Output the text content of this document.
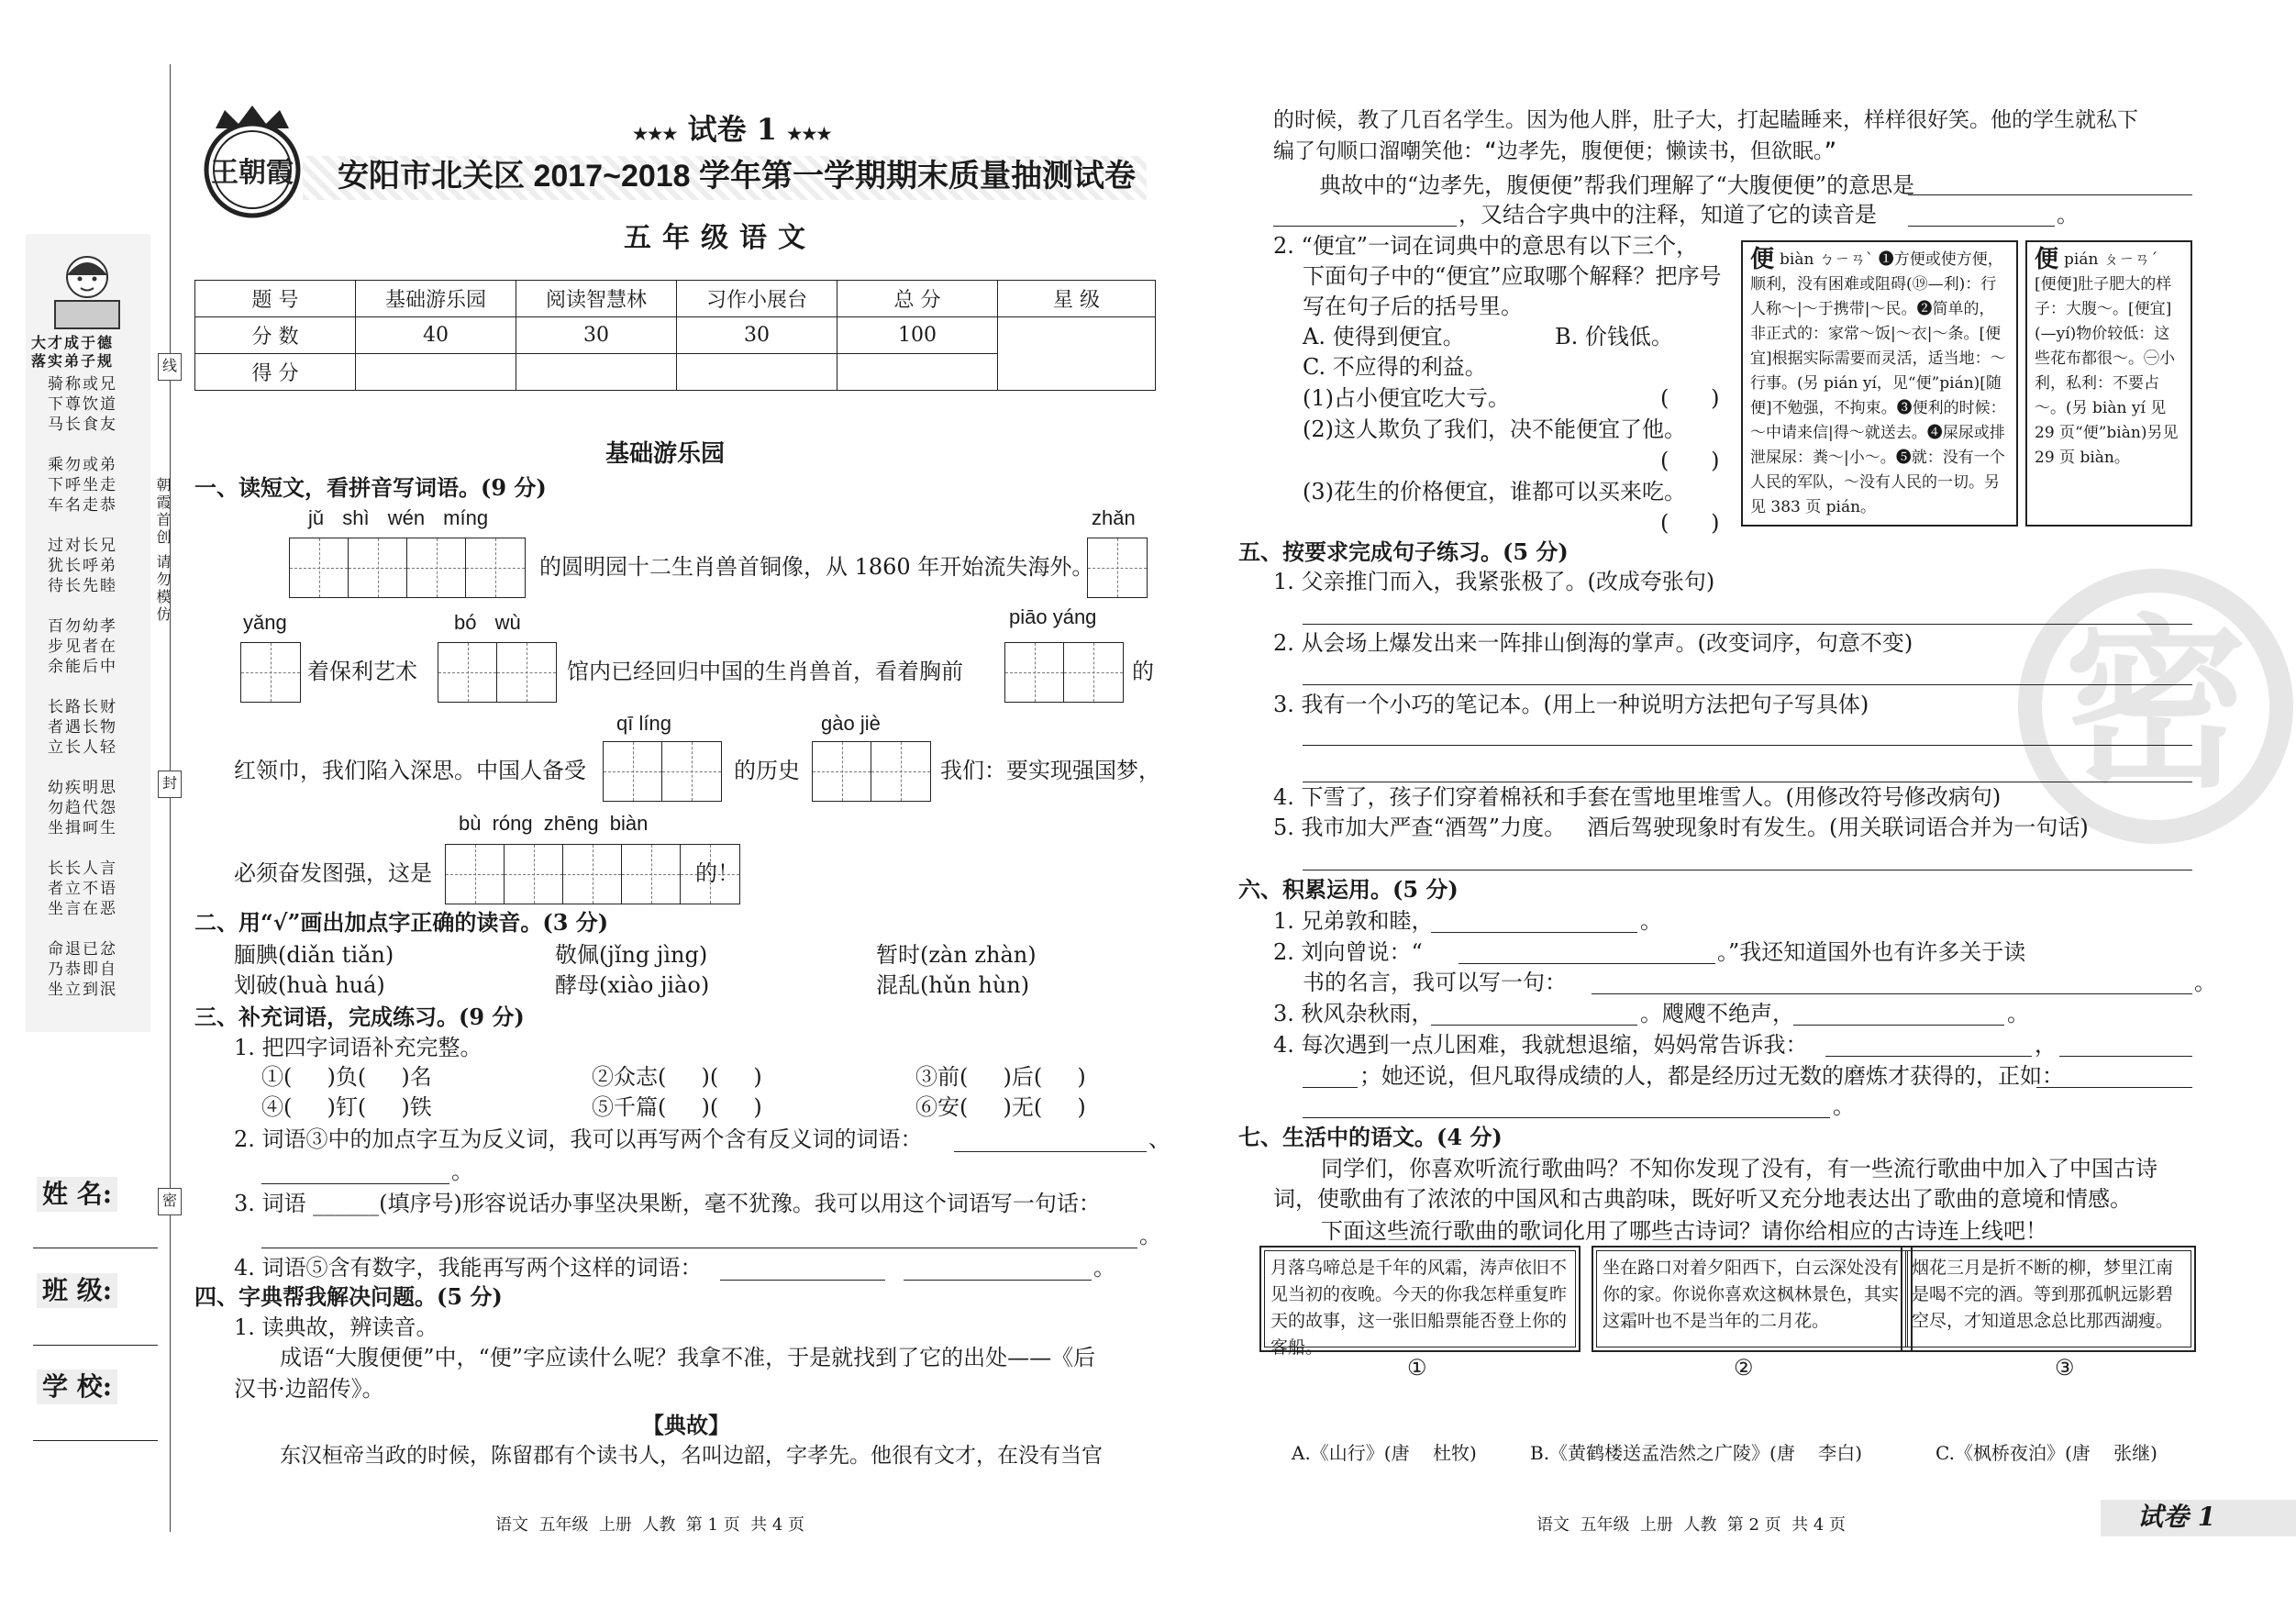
大才成于德
落实弟子规
骑称或兄
下尊饮道
马长食友

乘勿或弟
下呼坐走
车名走恭

过对长兄
犹长呼弟
待长先睦

百勿幼孝
步见者在
余能后中

长路长财
者遇长物
立长人轻

幼疾明思
勿趋代怨
坐揖呵生

长长人言
者立不语
坐言在恶

命退已忿
乃恭即自
坐立到泯
朝霞首创 请勿模仿
线
封
密
姓 名:
班 级:
学 校:
王朝霞
★★★ 试卷 1 ★★★
安阳市北关区 2017~2018 学年第一学期期末质量抽测试卷
五年级语文
题 号	基础游乐园	阅读智慧林	习作小展台	总 分	星 级
分 数	40	30	30	100	
得 分					
基础游乐园
一、读短文，看拼音写词语。(9 分)
jǔ shì wén míng
的圆明园十二生肖兽首铜像，从 1860 年开始流失海外。
zhǎn
yǎng
着保利艺术
bó wù
馆内已经回归中国的生肖兽首，看着胸前
piāo yáng
的
qī líng
红领巾，我们陷入深思。中国人备受	的历史
gào jiè
我们：要实现强国梦，
bù róng zhēng biàn
必须奋发图强，这是	的！
二、用“√”画出加点字正确的读音。(3 分)
腼腆(diǎn tiǎn)	敬佩(jǐng jìng)	暂时(zàn zhàn)
划破(huà huá)	酵母(xiào jiào)	混乱(hǔn hùn)
三、补充词语，完成练习。(9 分)
1. 把四字词语补充完整。
①(     )负(     )名	②众志(     )(     )	③前(     )后(     )
④(     )钉(     )铁	⑤千篇(     )(     )	⑥安(     )无(     )
2. 词语③中的加点字互为反义词，我可以再写两个含有反义词的词语：	、
。
3. 词语 ______(填序号)形容说话办事坚决果断，毫不犹豫。我可以用这个词语写一句话：
。
4. 词语⑤含有数字，我能再写两个这样的词语：	。
四、字典帮我解决问题。(5 分)
1. 读典故，辨读音。
成语“大腹便便”中，“便”字应读什么呢？我拿不准，于是就找到了它的出处——《后
汉书·边韶传》。
【典故】
东汉桓帝当政的时候，陈留郡有个读书人，名叫边韶，字孝先。他很有文才，在没有当官
语文  五年级  上册  人教  第 1 页  共 4 页
密
的时候，教了几百名学生。因为他人胖，肚子大，打起瞌睡来，样样很好笑。他的学生就私下
编了句顺口溜嘲笑他：“边孝先，腹便便；懒读书，但欲眠。”
典故中的“边孝先，腹便便”帮我们理解了“大腹便便”的意思是
，又结合字典中的注释，知道了它的读音是	。
2. “便宜”一词在词典中的意思有以下三个，
下面句子中的“便宜”应取哪个解释？把序号
写在句子后的括号里。
A. 使得到便宜。	B. 价钱低。
C. 不应得的利益。
(1)占小便宜吃大亏。	(      )
(2)这人欺负了我们，决不能便宜了他。
(      )
(3)花生的价格便宜，谁都可以买来吃。
(      )
便 biàn ㄅㄧㄢˋ ❶方便或使方便，顺利，没有困难或阻碍(⑲—利)：行人称～|～于携带|～民。❷简单的，非正式的：家常～饭|～衣|～条。[便宜]根据实际需要而灵活，适当地：～行事。(另 pián yí，见“便”pián)[随便]不勉强，不拘束。❸便利的时候：～中请来信|得～就送去。❹屎尿或排泄屎尿：粪～|小～。❺就：没有一个人民的军队，～没有人民的一切。另见 383 页 pián。
便 pián ㄆㄧㄢˊ [便便]肚子肥大的样子：大腹～。[便宜](—yí)物价较低：这些花布都很～。㊀小利，私利：不要占～。(另 biàn yí 见 29 页“便”biàn)另见 29 页 biàn。
五、按要求完成句子练习。(5 分)
1. 父亲推门而入，我紧张极了。(改成夸张句)
2. 从会场上爆发出来一阵排山倒海的掌声。(改变词序，句意不变)
3. 我有一个小巧的笔记本。(用上一种说明方法把句子写具体)
4. 下雪了，孩子们穿着棉袄和手套在雪地里堆雪人。(用修改符号修改病句)
5. 我市加大严查“酒驾”力度。   酒后驾驶现象时有发生。(用关联词语合并为一句话)
六、积累运用。(5 分)
1. 兄弟敦和睦，	。
2. 刘向曾说：“	。”我还知道国外也有许多关于读
书的名言，我可以写一句：	。
3. 秋风杂秋雨，	。飕飕不绝声，	。
4. 每次遇到一点儿困难，我就想退缩，妈妈常告诉我：	，
；她还说，但凡取得成绩的人，都是经历过无数的磨炼才获得的，正如：
。
七、生活中的语文。(4 分)
同学们，你喜欢听流行歌曲吗？不知你发现了没有，有一些流行歌曲中加入了中国古诗
词，使歌曲有了浓浓的中国风和古典韵味，既好听又充分地表达出了歌曲的意境和情感。
下面这些流行歌曲的歌词化用了哪些古诗词？请你给相应的古诗连上线吧！
月落乌啼总是千年的风霜，涛声依旧不见当初的夜晚。今天的你我怎样重复昨天的故事，这一张旧船票能否登上你的客船。
坐在路口对着夕阳西下，白云深处没有你的家。你说你喜欢这枫林景色，其实这霜叶也不是当年的二月花。
烟花三月是折不断的柳，梦里江南是喝不完的酒。等到那孤帆远影碧空尽，才知道思念总比那西湖瘦。
①	②	③
A.《山行》(唐    杜牧)	B.《黄鹤楼送孟浩然之广陵》(唐    李白)	C.《枫桥夜泊》(唐    张继)
语文  五年级  上册  人教  第 2 页  共 4 页	试卷 1
